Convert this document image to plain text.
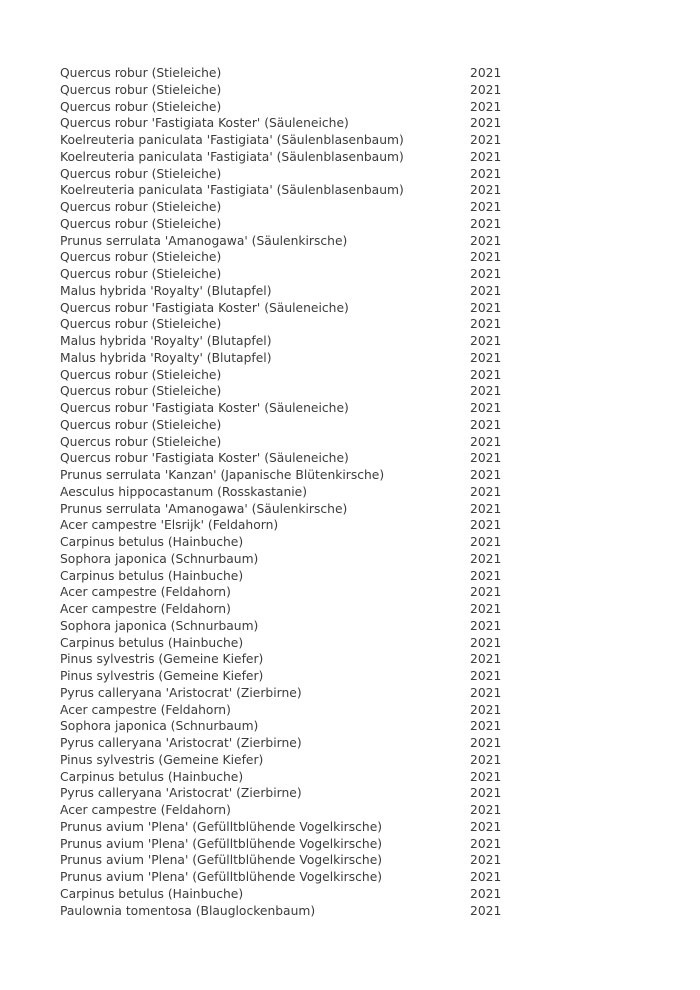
Quercus robur (Stieleiche)	2021
Quercus robur (Stieleiche)	2021
Quercus robur (Stieleiche)	2021
Quercus robur 'Fastigiata Koster' (Säuleneiche)	2021
Koelreuteria paniculata 'Fastigiata' (Säulenblasenbaum)	2021
Koelreuteria paniculata 'Fastigiata' (Säulenblasenbaum)	2021
Quercus robur (Stieleiche)	2021
Koelreuteria paniculata 'Fastigiata' (Säulenblasenbaum)	2021
Quercus robur (Stieleiche)	2021
Quercus robur (Stieleiche)	2021
Prunus serrulata 'Amanogawa' (Säulenkirsche)	2021
Quercus robur (Stieleiche)	2021
Quercus robur (Stieleiche)	2021
Malus hybrida 'Royalty' (Blutapfel)	2021
Quercus robur 'Fastigiata Koster' (Säuleneiche)	2021
Quercus robur (Stieleiche)	2021
Malus hybrida 'Royalty' (Blutapfel)	2021
Malus hybrida 'Royalty' (Blutapfel)	2021
Quercus robur (Stieleiche)	2021
Quercus robur (Stieleiche)	2021
Quercus robur 'Fastigiata Koster' (Säuleneiche)	2021
Quercus robur (Stieleiche)	2021
Quercus robur (Stieleiche)	2021
Quercus robur 'Fastigiata Koster' (Säuleneiche)	2021
Prunus serrulata 'Kanzan' (Japanische Blütenkirsche)	2021
Aesculus hippocastanum (Rosskastanie)	2021
Prunus serrulata 'Amanogawa' (Säulenkirsche)	2021
Acer campestre 'Elsrijk' (Feldahorn)	2021
Carpinus betulus (Hainbuche)	2021
Sophora japonica (Schnurbaum)	2021
Carpinus betulus (Hainbuche)	2021
Acer campestre (Feldahorn)	2021
Acer campestre (Feldahorn)	2021
Sophora japonica (Schnurbaum)	2021
Carpinus betulus (Hainbuche)	2021
Pinus sylvestris (Gemeine Kiefer)	2021
Pinus sylvestris (Gemeine Kiefer)	2021
Pyrus calleryana 'Aristocrat' (Zierbirne)	2021
Acer campestre (Feldahorn)	2021
Sophora japonica (Schnurbaum)	2021
Pyrus calleryana 'Aristocrat' (Zierbirne)	2021
Pinus sylvestris (Gemeine Kiefer)	2021
Carpinus betulus (Hainbuche)	2021
Pyrus calleryana 'Aristocrat' (Zierbirne)	2021
Acer campestre (Feldahorn)	2021
Prunus avium 'Plena' (Gefülltblühende Vogelkirsche)	2021
Prunus avium 'Plena' (Gefülltblühende Vogelkirsche)	2021
Prunus avium 'Plena' (Gefülltblühende Vogelkirsche)	2021
Prunus avium 'Plena' (Gefülltblühende Vogelkirsche)	2021
Carpinus betulus (Hainbuche)	2021
Paulownia tomentosa (Blauglockenbaum)	2021
